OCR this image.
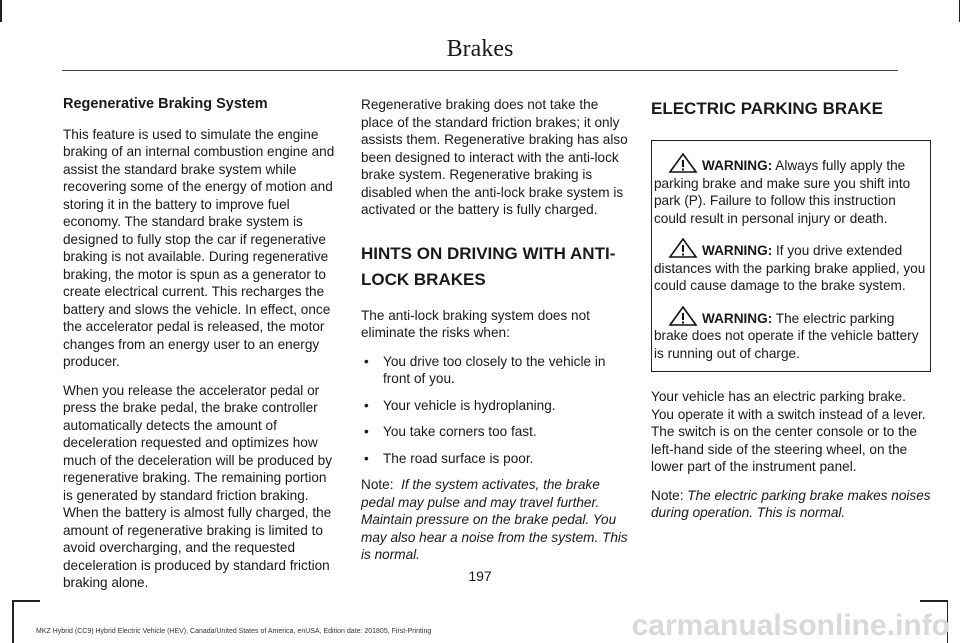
Brakes
Regenerative Braking System

This feature is used to simulate the engine braking of an internal combustion engine and assist the standard brake system while recovering some of the energy of motion and storing it in the battery to improve fuel economy. The standard brake system is designed to fully stop the car if regenerative braking is not available. During regenerative braking, the motor is spun as a generator to create electrical current. This recharges the battery and slows the vehicle. In effect, once the accelerator pedal is released, the motor changes from an energy user to an energy producer.

When you release the accelerator pedal or press the brake pedal, the brake controller automatically detects the amount of deceleration requested and optimizes how much of the deceleration will be produced by regenerative braking. The remaining portion is generated by standard friction braking. When the battery is almost fully charged, the amount of regenerative braking is limited to avoid overcharging, and the requested deceleration is produced by standard friction braking alone.

Regenerative braking does not take the place of the standard friction brakes; it only assists them. Regenerative braking has also been designed to interact with the anti-lock brake system. Regenerative braking is disabled when the anti-lock brake system is activated or the battery is fully charged.

HINTS ON DRIVING WITH ANTI-
LOCK BRAKES

The anti-lock braking system does not eliminate the risks when:

• You drive too closely to the vehicle in front of you.
• Your vehicle is hydroplaning.
• You take corners too fast.
• The road surface is poor.

Note: If the system activates, the brake pedal may pulse and may travel further. Maintain pressure on the brake pedal. You may also hear a noise from the system. This is normal.

ELECTRIC PARKING BRAKE

WARNING: Always fully apply the parking brake and make sure you shift into park (P). Failure to follow this instruction could result in personal injury or death.

WARNING: If you drive extended distances with the parking brake applied, you could cause damage to the brake system.

WARNING: The electric parking brake does not operate if the vehicle battery is running out of charge.

Your vehicle has an electric parking brake. You operate it with a switch instead of a lever. The switch is on the center console or to the left-hand side of the steering wheel, on the lower part of the instrument panel.

Note: The electric parking brake makes noises during operation. This is normal.

197
MKZ Hybrid (CC9) Hybrid Electric Vehicle (HEV), Canada/United States of America, enUSA, Edition date: 201805, First-Printing	carmanualsonline.info
